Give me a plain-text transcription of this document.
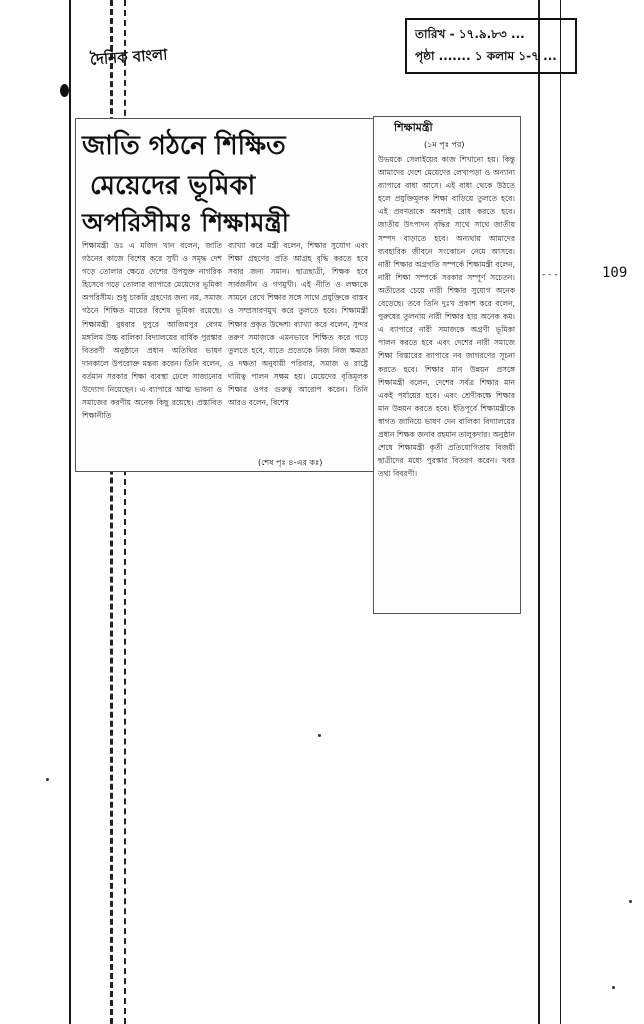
তারিখ - ১৭.৯.৮৩ ...
পৃষ্ঠা ....... ১ কলাম ১-৭ ...
দৈনিক বাংলা
জাতি গঠনে শিক্ষিত
মেয়েদের ভূমিকা
অপরিসীমঃ শিক্ষামন্ত্রী

শিক্ষামন্ত্রী ডঃ এ মজিদ খান বলেন, জাতি গঠনের কাজে বিশেষ করে সুখী ও সমৃদ্ধ দেশ গড়ে তোলার ক্ষেত্রে দেশের উপযুক্ত নাগরিক হিসেবে গড়ে তোলার ব্যাপারে মেয়েদের ভূমিকা অপরিসীম। শুধু চাকরি গ্রহণের জন্য নয়, সমাজ গঠনে শিক্ষিত মায়ের বিশেষ ভূমিকা রয়েছে। শিক্ষামন্ত্রী বুধবার দুপুরে আজিমপুর বেগম মঙ্গলিম উচ্চ বালিকা বিদ্যালয়ের বার্ষিক পুরস্কার বিতরণী অনুষ্ঠানে প্রধান অতিথির ভাষণ দানকালে উপরোক্ত মন্তব্য করেন। তিনি বলেন, বর্তমান সরকার শিক্ষা ব্যবস্থা ঢেলে সাজানোর উদ্যোগ নিয়েছেন। এ ব্যাপারে আত্ম ভাবনা ও সমাজের করণীয় অনেক কিছু রয়েছে। প্রস্তাবিত শিক্ষানীতি

ব্যাখ্যা করে মন্ত্রী বলেন, শিক্ষার সুযোগ এবং শিক্ষা গ্রহণের প্রতি আগ্রহ বৃদ্ধি করতে হবে সবার জন্য সমান। ছাত্রছাত্রী, শিক্ষক হবে সার্বজনীন ও গণমুখী। এই নীতি ও লক্ষ্যকে সামনে রেখে শিক্ষার সঙ্গে সাথে প্রযুক্তিকে বাস্তব ও সম্প্রসারণমুখ করে তুলতে হবে। শিক্ষামন্ত্রী শিক্ষার প্রকৃত উদ্দেশ্য ব্যাখ্যা করে বলেন, সুন্দর তরুণ সমাজকে এমনভাবে শিক্ষিত করে গড়ে তুলতে হবে, যাতে প্রত্যেকে নিজ নিজ ক্ষমতা ও দক্ষতা অনুযায়ী পরিবার, সমাজ ও রাষ্ট্রে দায়িত্ব পালন সক্ষম হয়। মেয়েদের বৃত্তিমূলক শিক্ষার ওপর গুরুত্ব আরোপ করেন। তিনি আরও বলেন, বিশেষ

(শেষ পৃঃ ৪-এর কঃ)
শিক্ষামন্ত্রী
(১ম পৃঃ পর)

উভয়কে সেলাইয়ের কাজ শিখানো হয়। কিন্তু আমাদের দেশে মেয়েদের লেখাপড়া ও অন্যান্য ব্যাপারে বাধা আসে। এই বাধা থেকে উঠতে হলে প্রযুক্তিমূলক শিক্ষা বাড়িয়ে তুলতে হবে। এই প্রবণতাকে অবশ্যই রোধ করতে হবে। জাতীয় উৎপাদন বৃদ্ধির সাথে সাথে জাতীয় সম্পদ বাড়াতে হবে। অন্যথায় আমাদের ব্যবহারিক জীবনে সংকোচন নেমে আসবে। নারী শিক্ষার অগ্রগতি সম্পর্কে শিক্ষামন্ত্রী বলেন, নারী শিক্ষা সম্পর্কে সরকার সম্পূর্ণ সচেতন। অতীতের চেয়ে নারী শিক্ষার সুযোগ অনেক বেড়েছে। তবে তিনি দুঃখ প্রকাশ করে বলেন, পুরুষের তুলনায় নারী শিক্ষার হার অনেক কম। এ ব্যাপারে নারী সমাজকে অগ্রণী ভূমিকা পালন করতে হবে এবং দেশের নারী সমাজে শিক্ষা বিস্তারের ব্যাপারে নব জাগরণের সূচনা করতে হবে। শিক্ষার মান উন্নয়ন প্রসঙ্গে শিক্ষামন্ত্রী বলেন, দেশের সর্বত্র শিক্ষার মান একই পর্যায়ের হবে। এবং শ্রেণীকক্ষে শিক্ষার মান উন্নয়ন করতে হবে। ইতিপূর্বে শিক্ষামন্ত্রীকে স্বাগত জানিয়ে ভাষণ দেন বালিকা বিদ্যালয়ের প্রধান শিক্ষক জনাব রহমান তালুকদার। অনুষ্ঠান শেষে শিক্ষামন্ত্রী কৃতী প্রতিযোগিতায় বিজয়ী ছাত্রীদের মধ্যে পুরস্কার বিতরণ করেন। খবর তথ্য বিবরণী।

- - -	109
